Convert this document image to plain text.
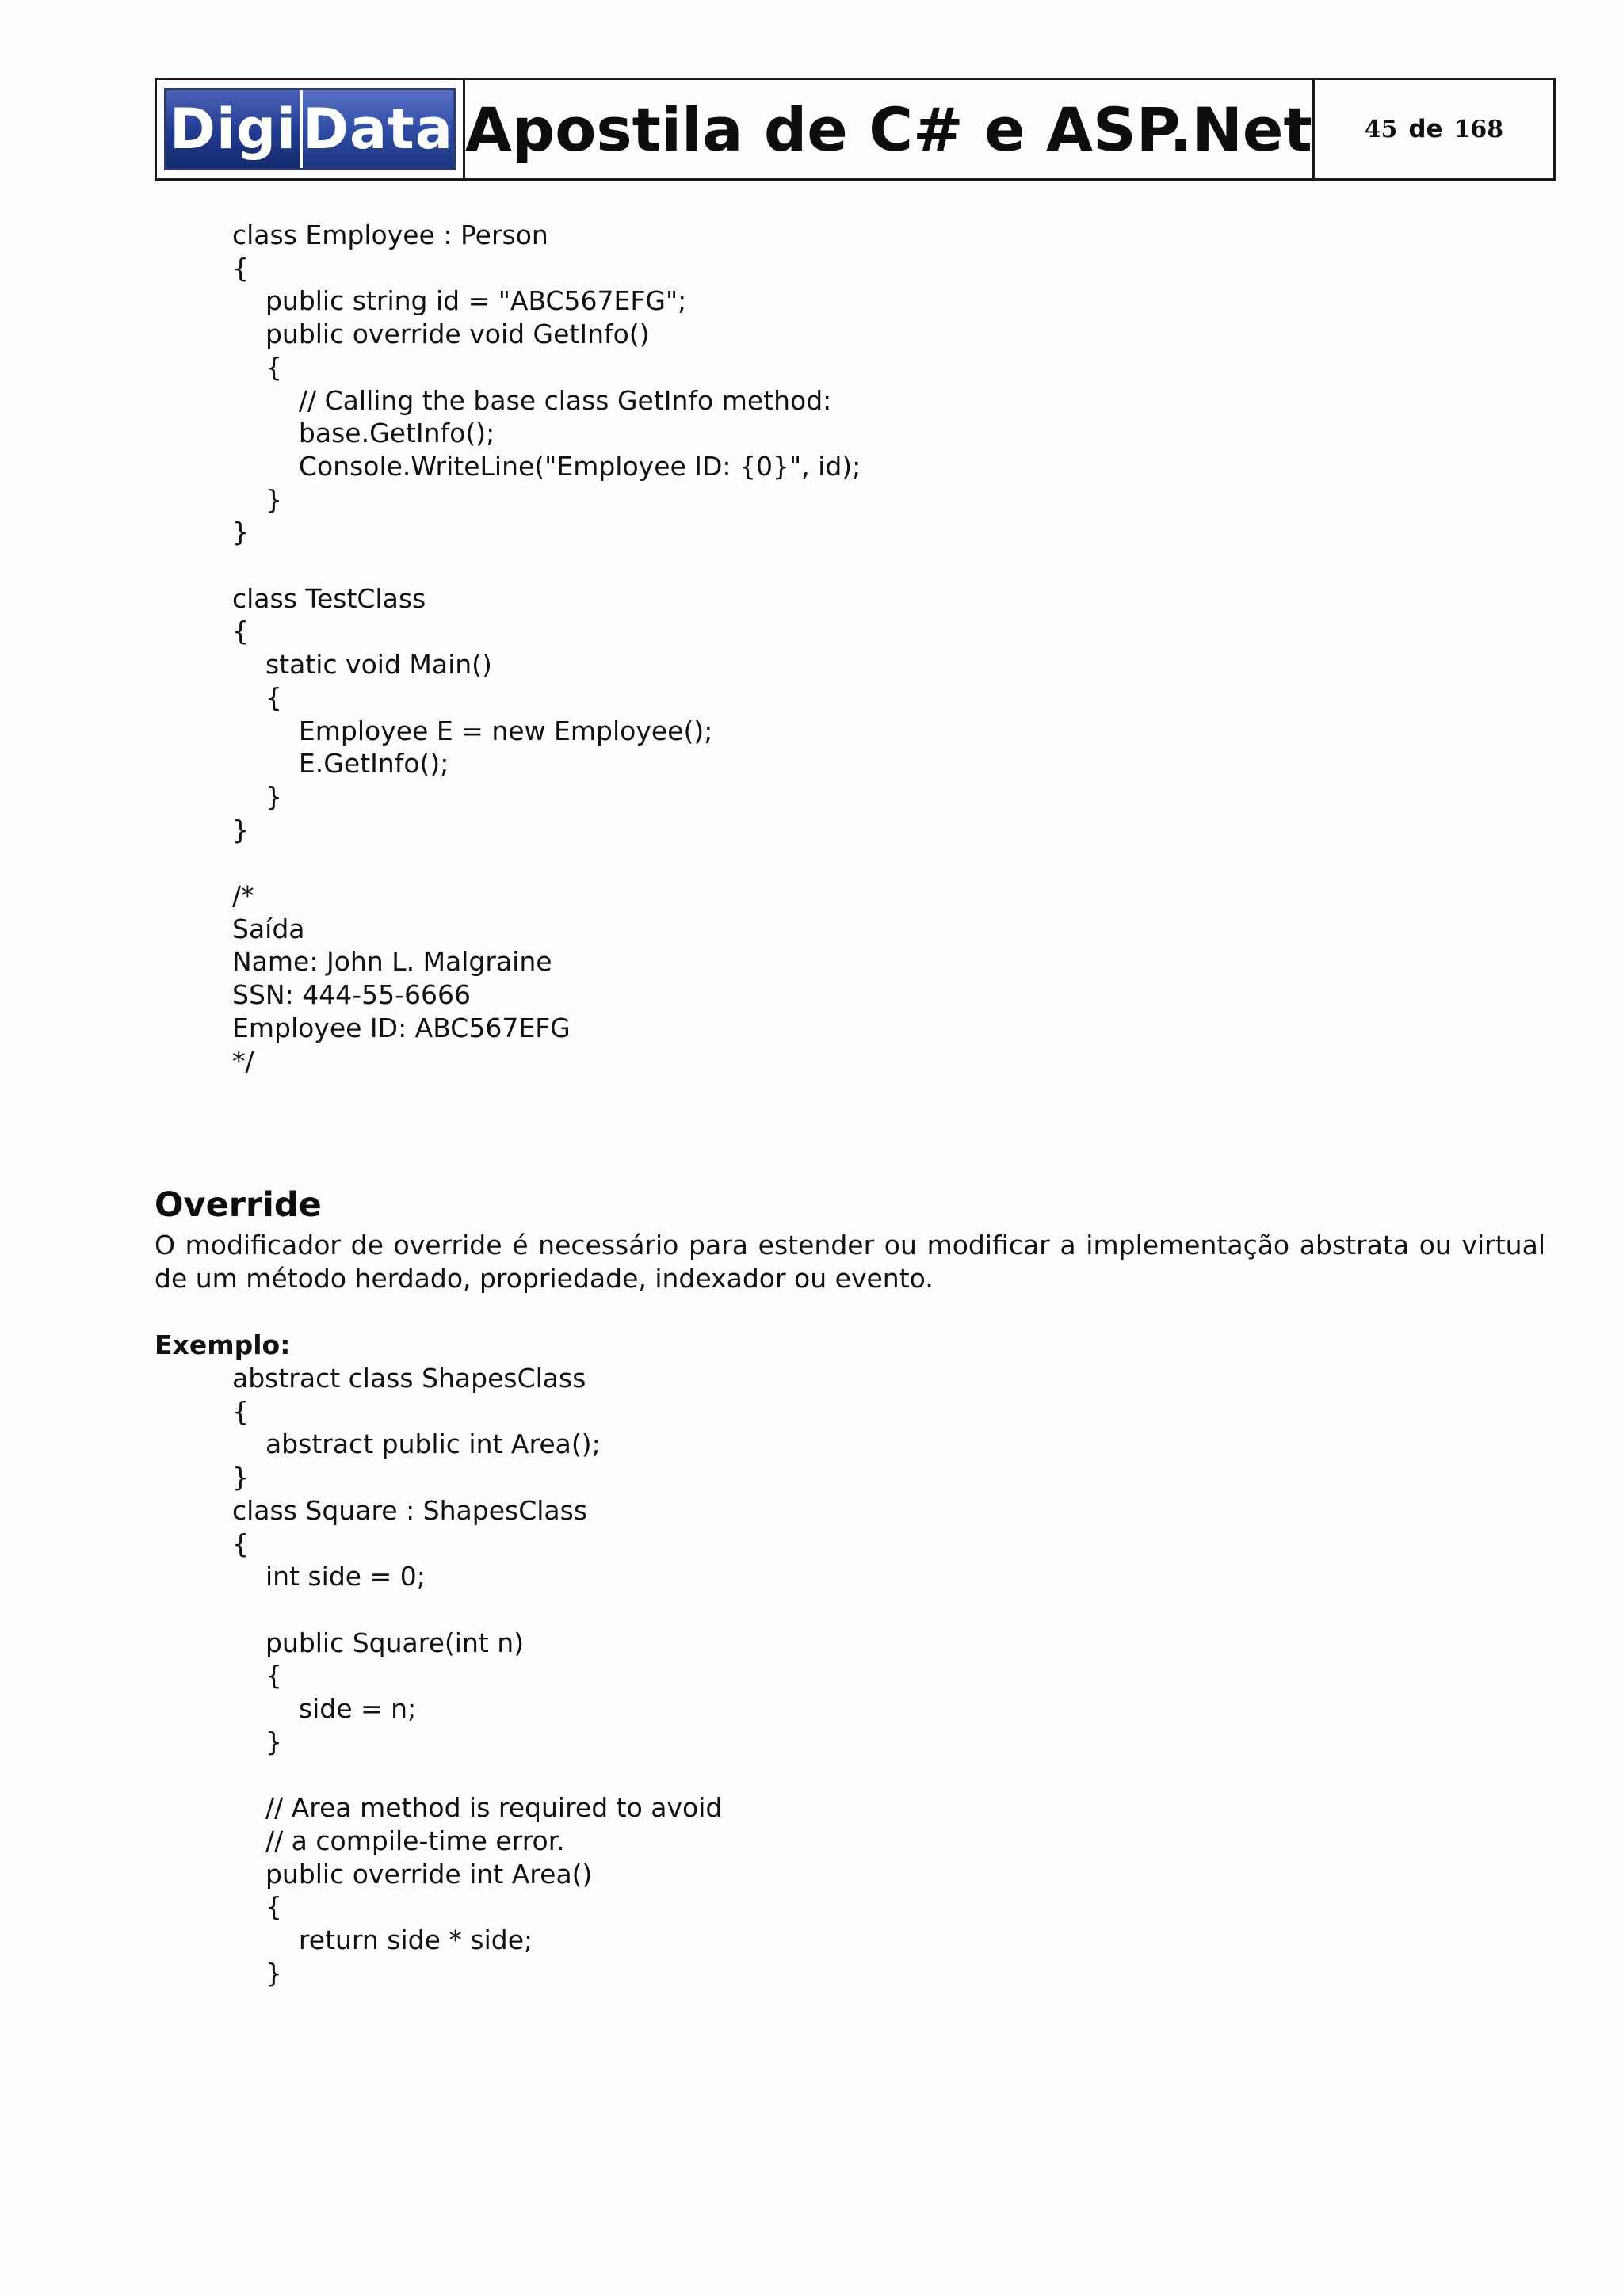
Digi Data Apostila de C# e ASP.Net 45 de 168
class Employee : Person
{
public string id = "ABC567EFG";
public override void GetInfo()
{
// Calling the base class GetInfo method:
base.GetInfo();
Console.WriteLine("Employee ID: {0}", id);
}
}

class TestClass
{
static void Main()
{
Employee E = new Employee();
E.GetInfo();
}
}

/*
Saída
Name: John L. Malgraine
SSN: 444-55-6666
Employee ID: ABC567EFG
*/
Override

O modificador de override é necessário para estender ou modificar a implementação abstrata ou virtual de um método herdado, propriedade, indexador ou evento.

Exemplo:

abstract class ShapesClass
{
abstract public int Area();
}
class Square : ShapesClass
{
int side = 0;

public Square(int n)
{
side = n;
}

// Area method is required to avoid
// a compile-time error.
public override int Area()
{
return side * side;
}
